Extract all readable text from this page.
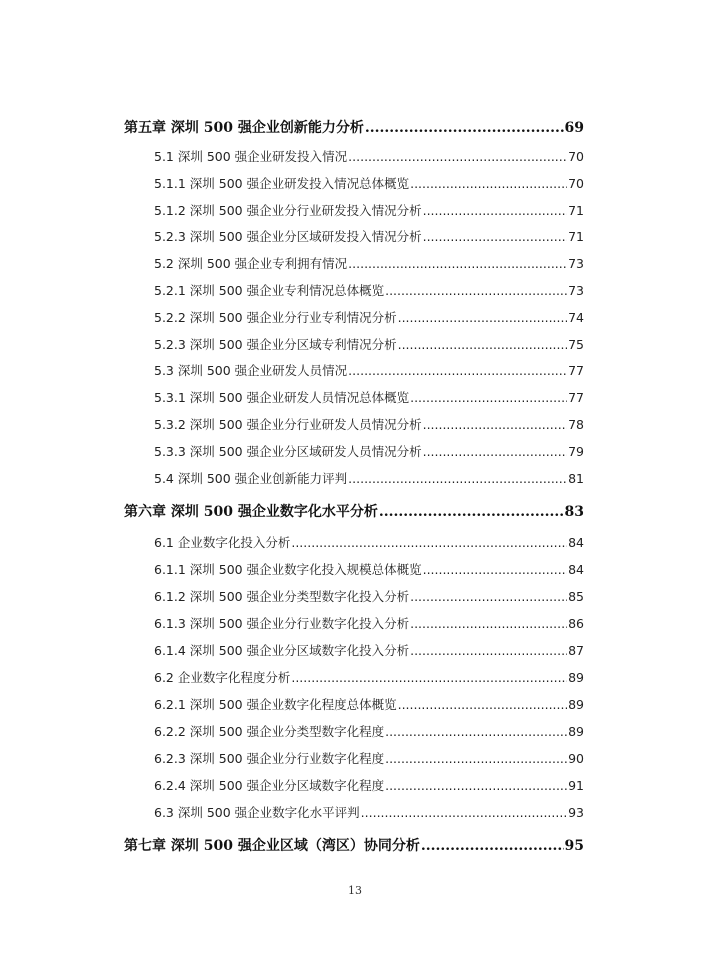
第五章 深圳 500 强企业创新能力分析 .....	69
5.1 深圳 500 强企业研发投入情况 .....	70
5.1.1 深圳 500 强企业研发投入情况总体概览 .....	70
5.1.2 深圳 500 强企业分行业研发投入情况分析 .....	71
5.2.3 深圳 500 强企业分区域研发投入情况分析 .....	71
5.2 深圳 500 强企业专利拥有情况 .....	73
5.2.1 深圳 500 强企业专利情况总体概览 .....	73
5.2.2 深圳 500 强企业分行业专利情况分析 .....	74
5.2.3 深圳 500 强企业分区域专利情况分析 .....	75
5.3 深圳 500 强企业研发人员情况 .....	77
5.3.1 深圳 500 强企业研发人员情况总体概览 .....	77
5.3.2 深圳 500 强企业分行业研发人员情况分析 .....	78
5.3.3 深圳 500 强企业分区域研发人员情况分析 .....	79
5.4 深圳 500 强企业创新能力评判 .....	81
第六章 深圳 500 强企业数字化水平分析 .....	83
6.1 企业数字化投入分析 .....	84
6.1.1 深圳 500 强企业数字化投入规模总体概览 .....	84
6.1.2 深圳 500 强企业分类型数字化投入分析 .....	85
6.1.3 深圳 500 强企业分行业数字化投入分析 .....	86
6.1.4 深圳 500 强企业分区域数字化投入分析 .....	87
6.2 企业数字化程度分析 .....	89
6.2.1 深圳 500 强企业数字化程度总体概览 .....	89
6.2.2 深圳 500 强企业分类型数字化程度 .....	89
6.2.3 深圳 500 强企业分行业数字化程度 .....	90
6.2.4 深圳 500 强企业分区域数字化程度 .....	91
6.3 深圳 500 强企业数字化水平评判 .....	93
第七章 深圳 500 强企业区域（湾区）协同分析 .....	95
13
